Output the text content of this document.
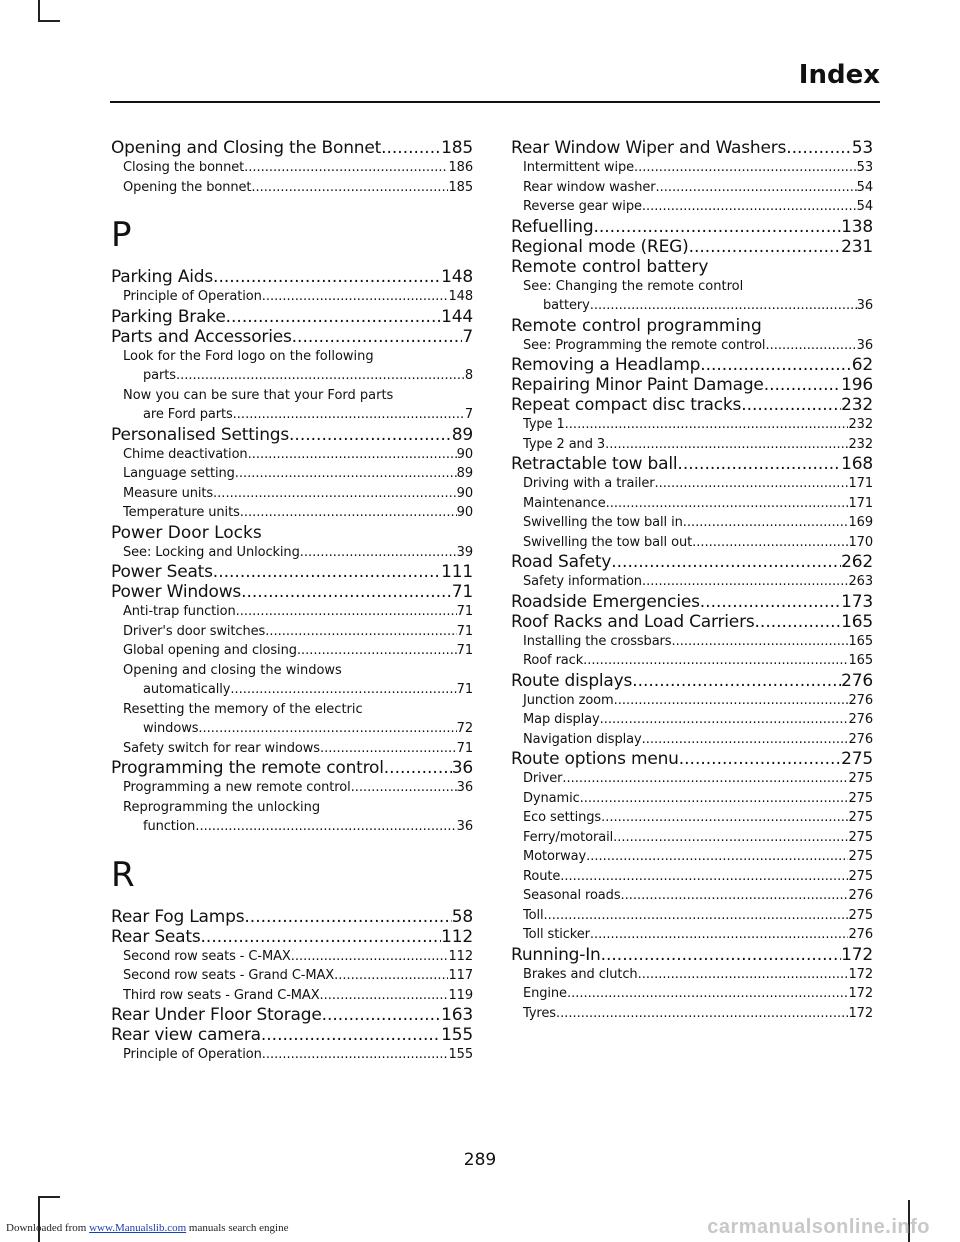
Index
Opening and Closing the Bonnet .....	185
Closing the bonnet .....	186
Opening the bonnet .....	185
P
Parking Aids .....	148
Principle of Operation .....	148
Parking Brake .....	144
Parts and Accessories .....	7
Look for the Ford logo on the following
parts .....	8
Now you can be sure that your Ford parts
are Ford parts .....	7
Personalised Settings .....	89
Chime deactivation .....	90
Language setting .....	89
Measure units .....	90
Temperature units .....	90
Power Door Locks
See: Locking and Unlocking .....	39
Power Seats .....	111
Power Windows .....	71
Anti-trap function .....	71
Driver's door switches .....	71
Global opening and closing .....	71
Opening and closing the windows
automatically .....	71
Resetting the memory of the electric
windows .....	72
Safety switch for rear windows .....	71
Programming the remote control .....	36
Programming a new remote control .....	36
Reprogramming the unlocking
function .....	36
R
Rear Fog Lamps .....	58
Rear Seats .....	112
Second row seats - C-MAX .....	112
Second row seats - Grand C-MAX .....	117
Third row seats - Grand C-MAX .....	119
Rear Under Floor Storage .....	163
Rear view camera .....	155
Principle of Operation .....	155
Rear Window Wiper and Washers .....	53
Intermittent wipe .....	53
Rear window washer .....	54
Reverse gear wipe .....	54
Refuelling .....	138
Regional mode (REG) .....	231
Remote control battery
See: Changing the remote control
battery .....	36
Remote control programming
See: Programming the remote control .....	36
Removing a Headlamp .....	62
Repairing Minor Paint Damage .....	196
Repeat compact disc tracks .....	232
Type 1 .....	232
Type 2 and 3 .....	232
Retractable tow ball .....	168
Driving with a trailer .....	171
Maintenance .....	171
Swivelling the tow ball in .....	169
Swivelling the tow ball out .....	170
Road Safety .....	262
Safety information .....	263
Roadside Emergencies .....	173
Roof Racks and Load Carriers .....	165
Installing the crossbars .....	165
Roof rack .....	165
Route displays .....	276
Junction zoom .....	276
Map display .....	276
Navigation display .....	276
Route options menu .....	275
Driver .....	275
Dynamic .....	275
Eco settings .....	275
Ferry/motorail .....	275
Motorway .....	275
Route .....	275
Seasonal roads .....	276
Toll .....	275
Toll sticker .....	276
Running-In .....	172
Brakes and clutch .....	172
Engine .....	172
Tyres .....	172
289
Downloaded from www.Manualslib.com manuals search engine	carmanualsonline.info
